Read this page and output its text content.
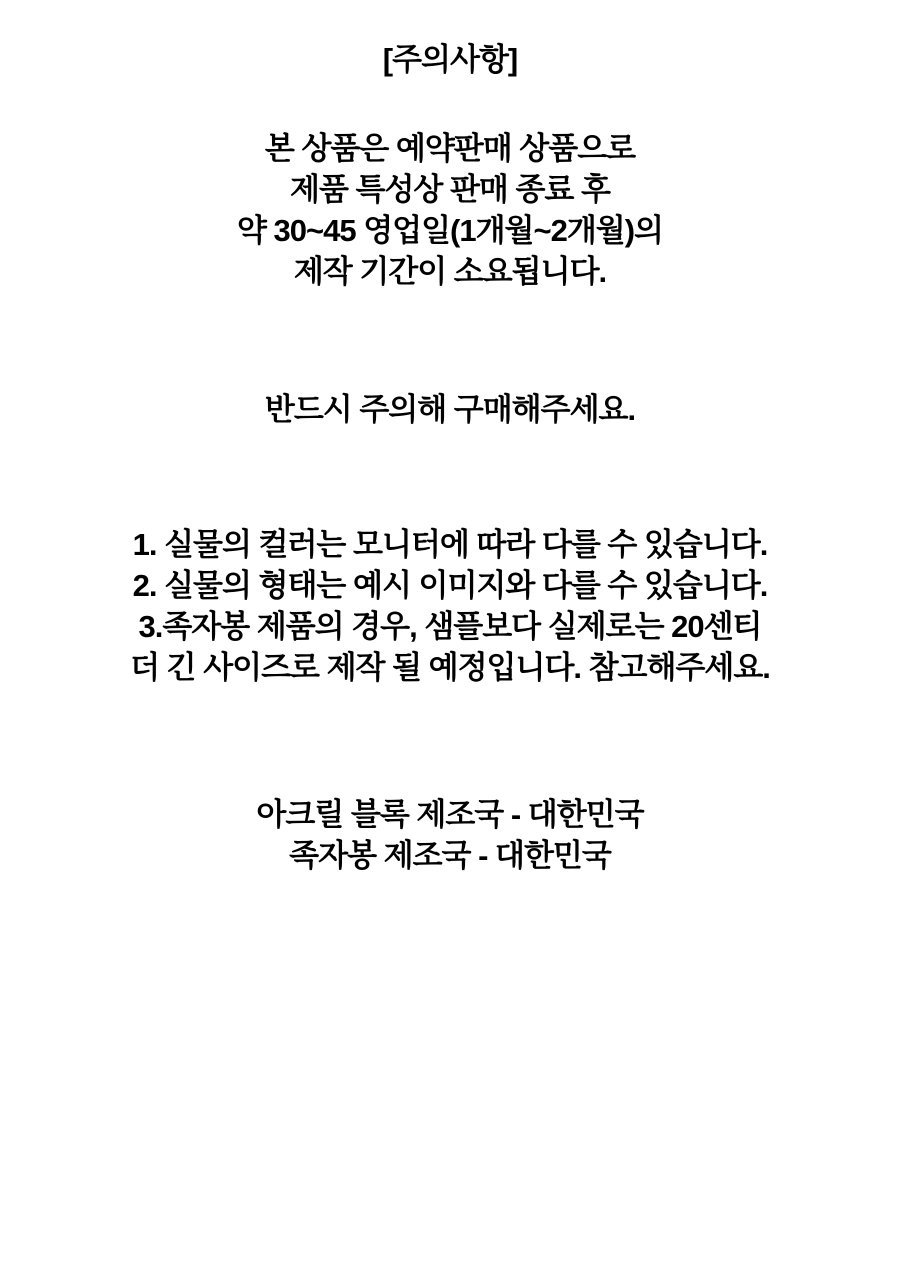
[주의사항]
본 상품은 예약판매 상품으로
제품 특성상 판매 종료 후
약 30~45 영업일(1개월~2개월)의
제작 기간이 소요됩니다.
반드시 주의해 구매해주세요.
1. 실물의 컬러는 모니터에 따라 다를 수 있습니다.
2. 실물의 형태는 예시 이미지와 다를 수 있습니다.
3.족자봉 제품의 경우, 샘플보다 실제로는 20센티
더 긴 사이즈로 제작 될 예정입니다. 참고해주세요.
아크릴 블록 제조국 - 대한민국
족자봉 제조국 - 대한민국
